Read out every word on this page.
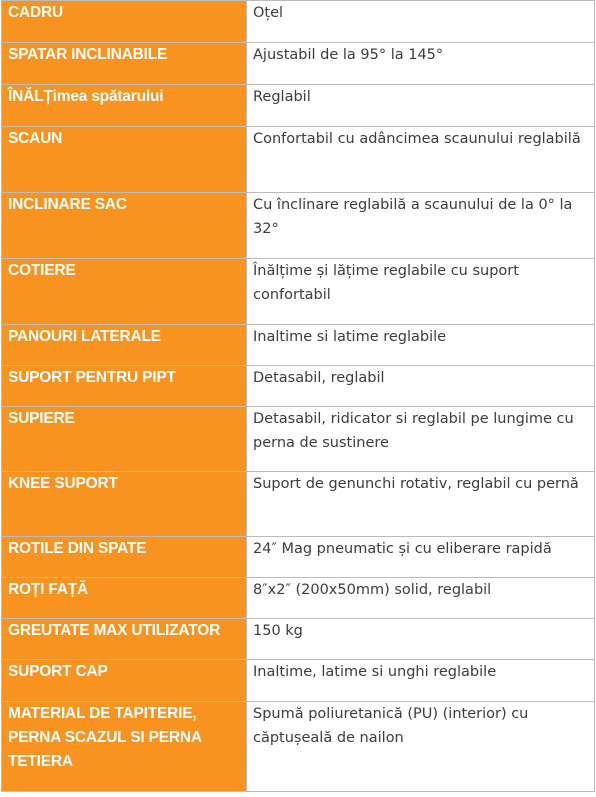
CADRU	Oțel
SPATAR INCLINABILE	Ajustabil de la 95° la 145°
ÎNĂLȚimea spătarului	Reglabil
SCAUN	Confortabil cu adâncimea scaunului reglabilă
INCLINARE SAC	Cu înclinare reglabilă a scaunului de la 0° la 32°
COTIERE	Înălțime și lățime reglabile cu suport confortabil
PANOURI LATERALE	Inaltime si latime reglabile
SUPORT PENTRU PIPT	Detasabil, reglabil
SUPIERE	Detasabil, ridicator si reglabil pe lungime cu perna de sustinere
KNEE SUPORT	Suport de genunchi rotativ, reglabil cu pernă
ROTILE DIN SPATE	24″ Mag pneumatic și cu eliberare rapidă
ROȚI FAȚĂ	8″x2″ (200x50mm) solid, reglabil
GREUTATE MAX UTILIZATOR	150 kg
SUPORT CAP	Inaltime, latime si unghi reglabile
MATERIAL DE TAPITERIE, PERNA SCAZUL SI PERNA TETIERA	Spumă poliuretanică (PU) (interior) cu căptușeală de nailon
